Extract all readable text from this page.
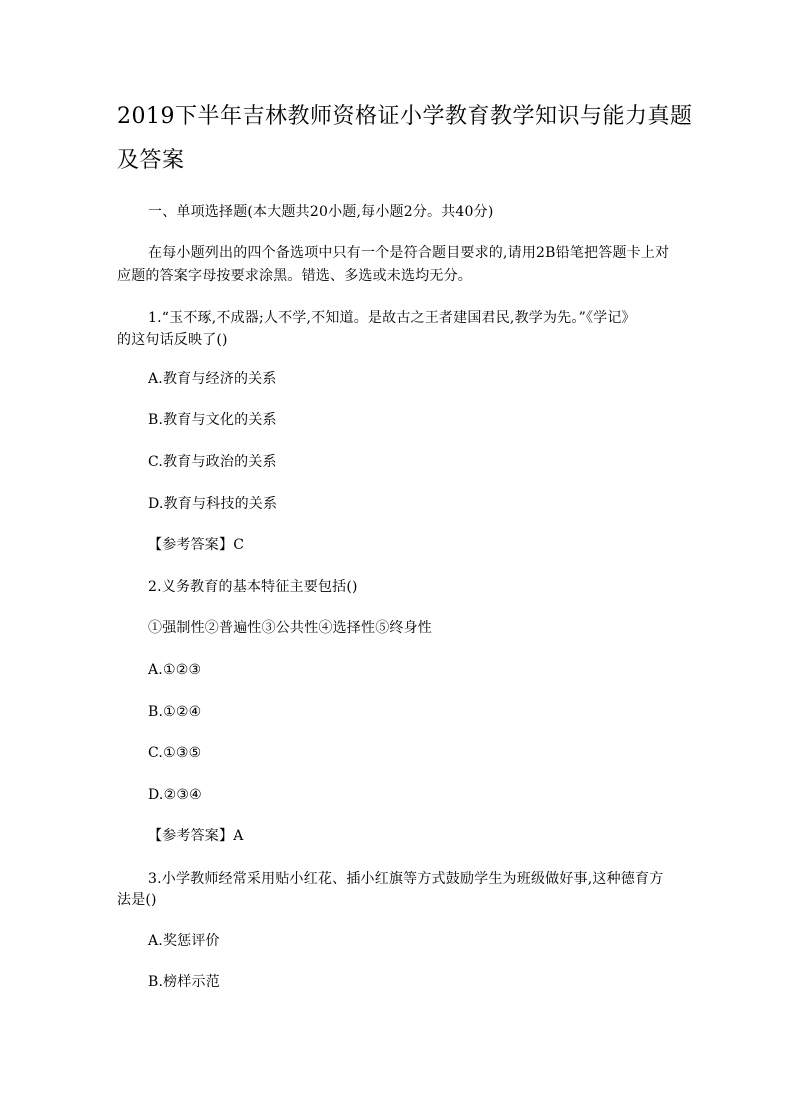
2019下半年吉林教师资格证小学教育教学知识与能力真题
及答案
一、单项选择题(本大题共20小题,每小题2分。共40分)
在每小题列出的四个备选项中只有一个是符合题目要求的,请用2B铅笔把答题卡上对
应题的答案字母按要求涂黑。错选、多选或未选均无分。
1.“玉不琢,不成器;人不学,不知道。是故古之王者建国君民,教学为先。”《学记》
的这句话反映了()
A.教育与经济的关系
B.教育与文化的关系
C.教育与政治的关系
D.教育与科技的关系
【参考答案】C
2.义务教育的基本特征主要包括()
①强制性②普遍性③公共性④选择性⑤终身性
A.①②③
B.①②④
C.①③⑤
D.②③④
【参考答案】A
3.小学教师经常采用贴小红花、插小红旗等方式鼓励学生为班级做好事,这种德育方
法是()
A.奖惩评价
B.榜样示范
